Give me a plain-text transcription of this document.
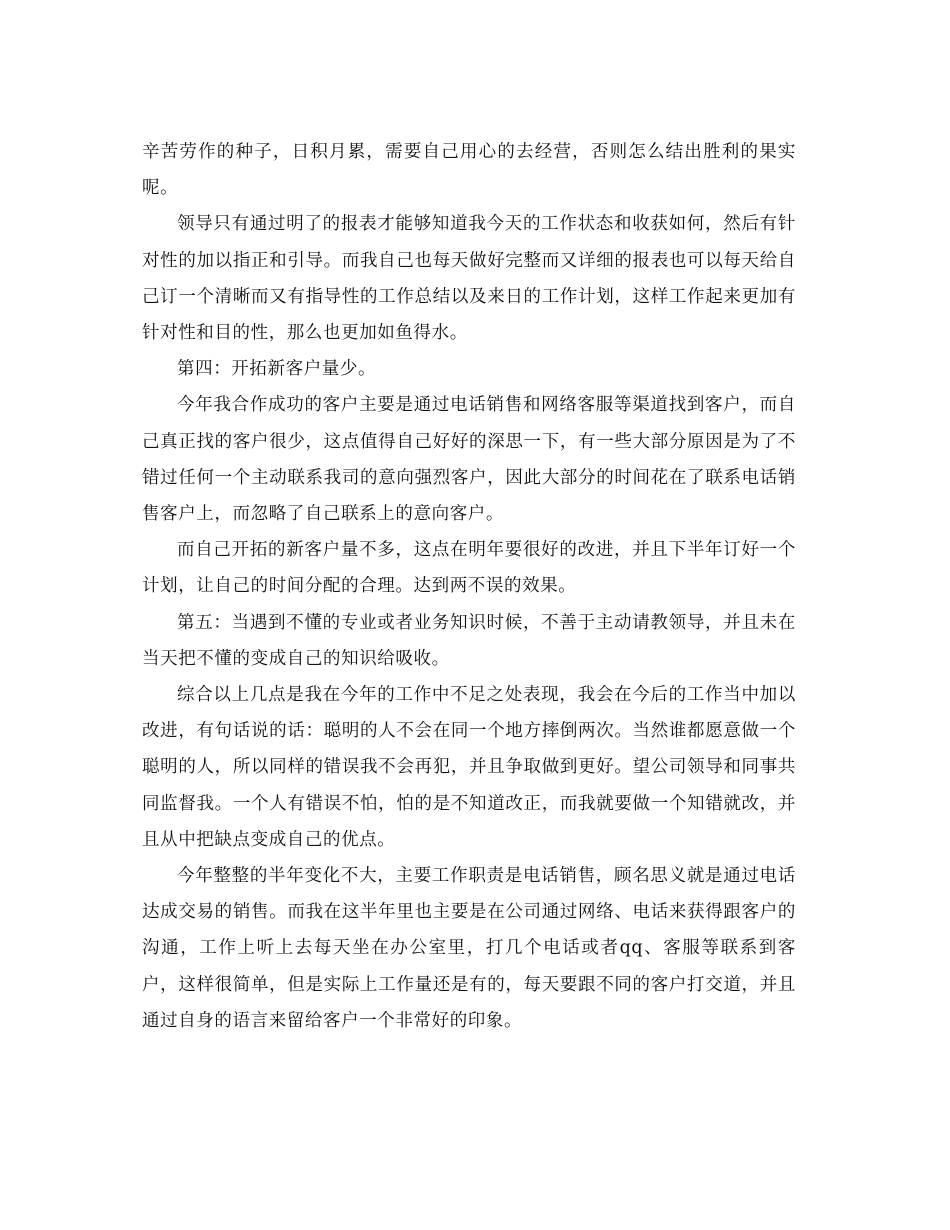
辛苦劳作的种子，日积月累，需要自己用心的去经营，否则怎么结出胜利的果实呢。

领导只有通过明了的报表才能够知道我今天的工作状态和收获如何，然后有针对性的加以指正和引导。而我自己也每天做好完整而又详细的报表也可以每天给自己订一个清晰而又有指导性的工作总结以及来日的工作计划，这样工作起来更加有针对性和目的性，那么也更加如鱼得水。

第四：开拓新客户量少。

今年我合作成功的客户主要是通过电话销售和网络客服等渠道找到客户，而自己真正找的客户很少，这点值得自己好好的深思一下，有一些大部分原因是为了不错过任何一个主动联系我司的意向强烈客户，因此大部分的时间花在了联系电话销售客户上，而忽略了自己联系上的意向客户。

而自己开拓的新客户量不多，这点在明年要很好的改进，并且下半年订好一个计划，让自己的时间分配的合理。达到两不误的效果。

第五：当遇到不懂的专业或者业务知识时候，不善于主动请教领导，并且未在当天把不懂的变成自己的知识给吸收。

综合以上几点是我在今年的工作中不足之处表现，我会在今后的工作当中加以改进，有句话说的话：聪明的人不会在同一个地方摔倒两次。当然谁都愿意做一个聪明的人，所以同样的错误我不会再犯，并且争取做到更好。望公司领导和同事共同监督我。一个人有错误不怕，怕的是不知道改正，而我就要做一个知错就改，并且从中把缺点变成自己的优点。

今年整整的半年变化不大，主要工作职责是电话销售，顾名思义就是通过电话达成交易的销售。而我在这半年里也主要是在公司通过网络、电话来获得跟客户的沟通，工作上听上去每天坐在办公室里，打几个电话或者qq、客服等联系到客户，这样很简单，但是实际上工作量还是有的，每天要跟不同的客户打交道，并且通过自身的语言来留给客户一个非常好的印象。
